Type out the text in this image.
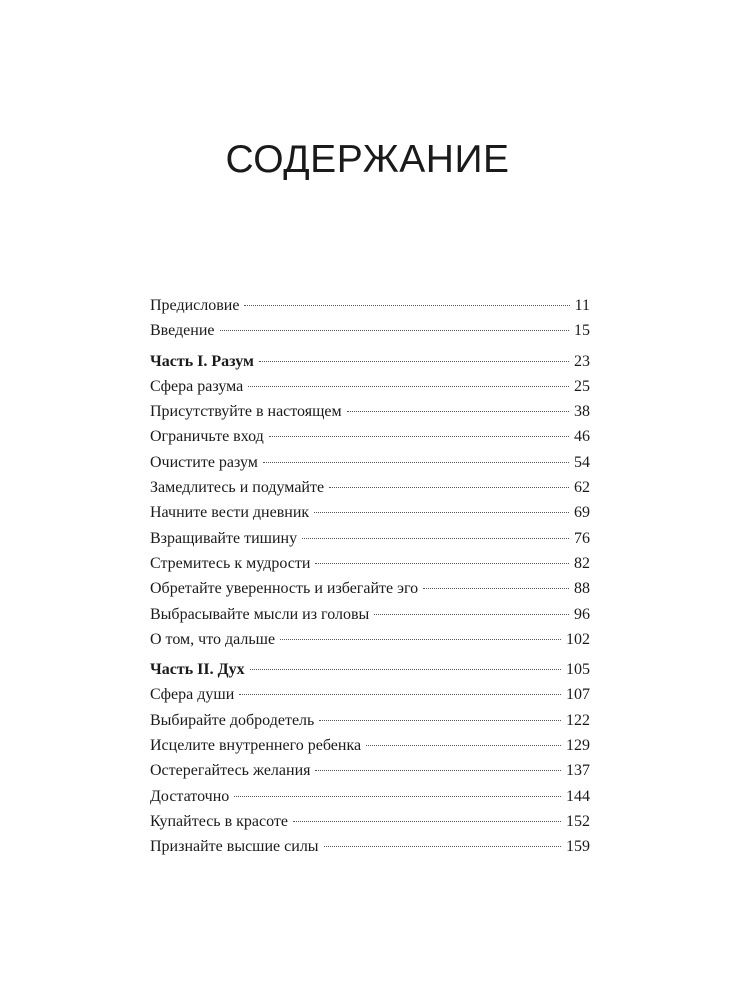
СОДЕРЖАНИЕ
Предисловие	11
Введение	15
Часть I. Разум	23
Сфера разума	25
Присутствуйте в настоящем	38
Ограничьте вход	46
Очистите разум	54
Замедлитесь и подумайте	62
Начните вести дневник	69
Взращивайте тишину	76
Стремитесь к мудрости	82
Обретайте уверенность и избегайте эго	88
Выбрасывайте мысли из головы	96
О том, что дальше	102
Часть II. Дух	105
Сфера души	107
Выбирайте добродетель	122
Исцелите внутреннего ребенка	129
Остерегайтесь желания	137
Достаточно	144
Купайтесь в красоте	152
Признайте высшие силы	159
